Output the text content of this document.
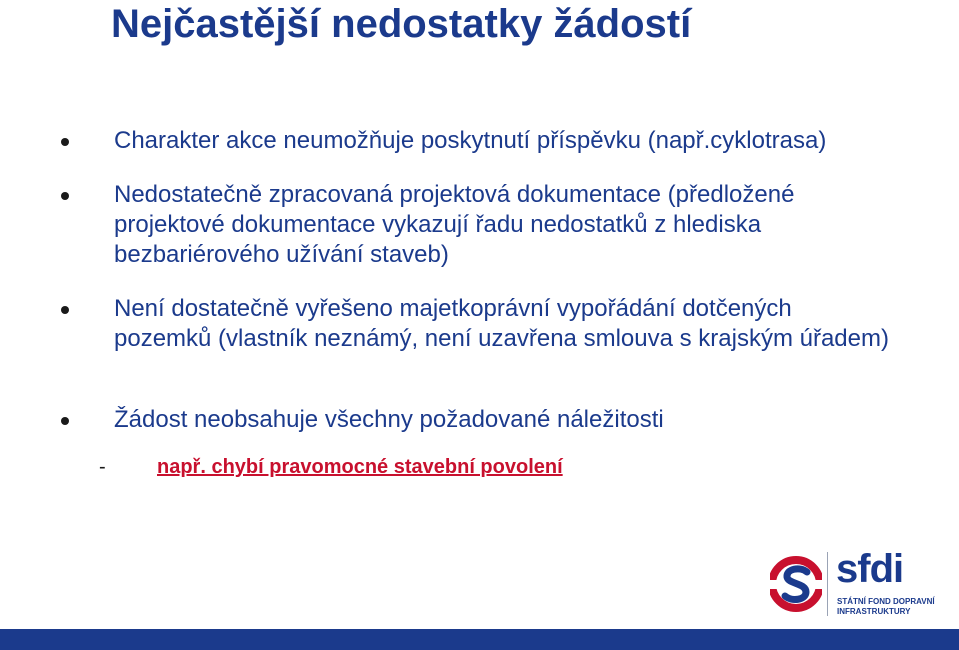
Nejčastější nedostatky žádostí

Charakter akce neumožňuje poskytnutí příspěvku (např.cyklotrasa)

Nedostatečně zpracovaná projektová dokumentace (předložené projektové dokumentace vykazují řadu nedostatků z hlediska bezbariérového užívání staveb)

Není dostatečně vyřešeno majetkoprávní vypořádání dotčených pozemků (vlastník neznámý, není uzavřena smlouva s krajským úřadem)

Žádost neobsahuje všechny požadované náležitosti

-	např. chybí pravomocné stavební povolení
sfdi
STÁTNÍ FOND DOPRAVNÍ
INFRASTRUKTURY
